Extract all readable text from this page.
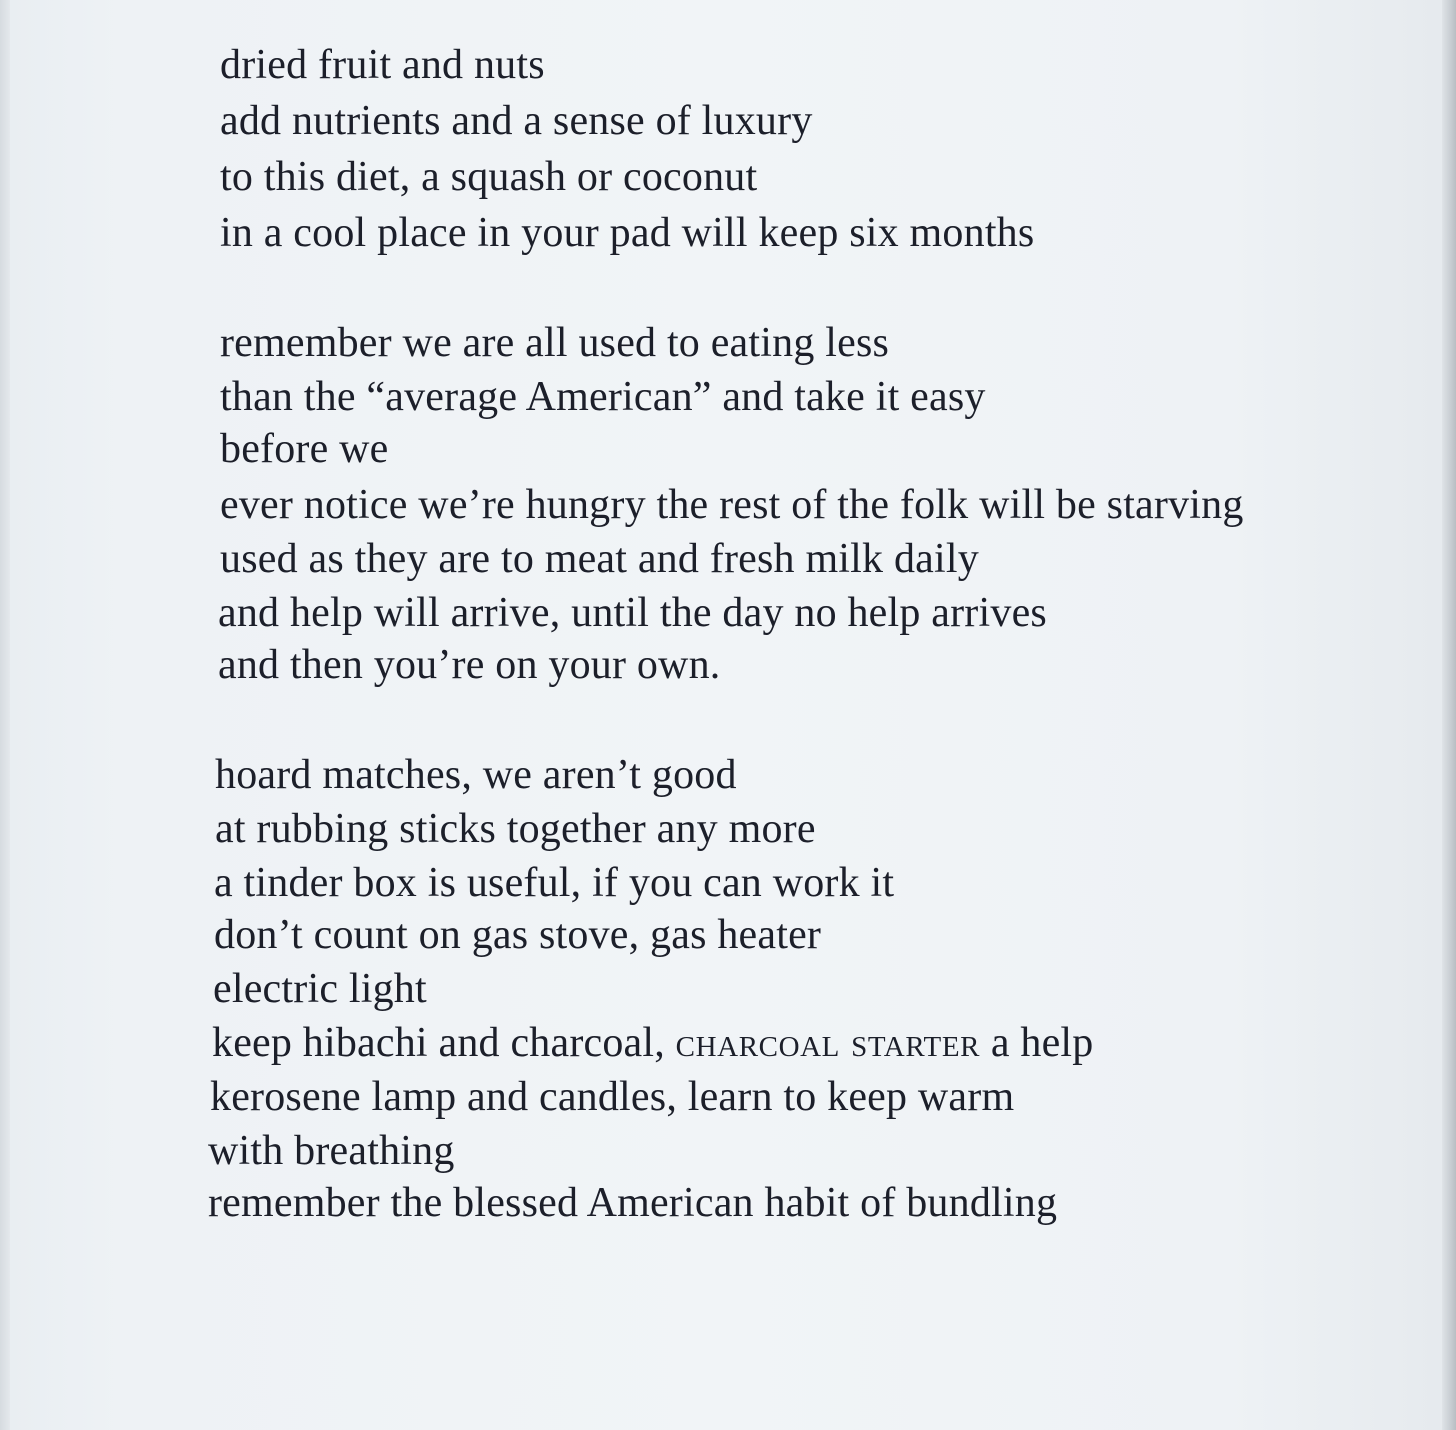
dried fruit and nuts
add nutrients and a sense of luxury
to this diet, a squash or coconut
in a cool place in your pad will keep six months
remember we are all used to eating less
than the “average American” and take it easy
before we
ever notice we’re hungry the rest of the folk will be starving
used as they are to meat and fresh milk daily
and help will arrive, until the day no help arrives
and then you’re on your own.
hoard matches, we aren’t good
at rubbing sticks together any more
a tinder box is useful, if you can work it
don’t count on gas stove, gas heater
electric light
keep hibachi and charcoal, charcoal starter a help
kerosene lamp and candles, learn to keep warm
with breathing
remember the blessed American habit of bundling
